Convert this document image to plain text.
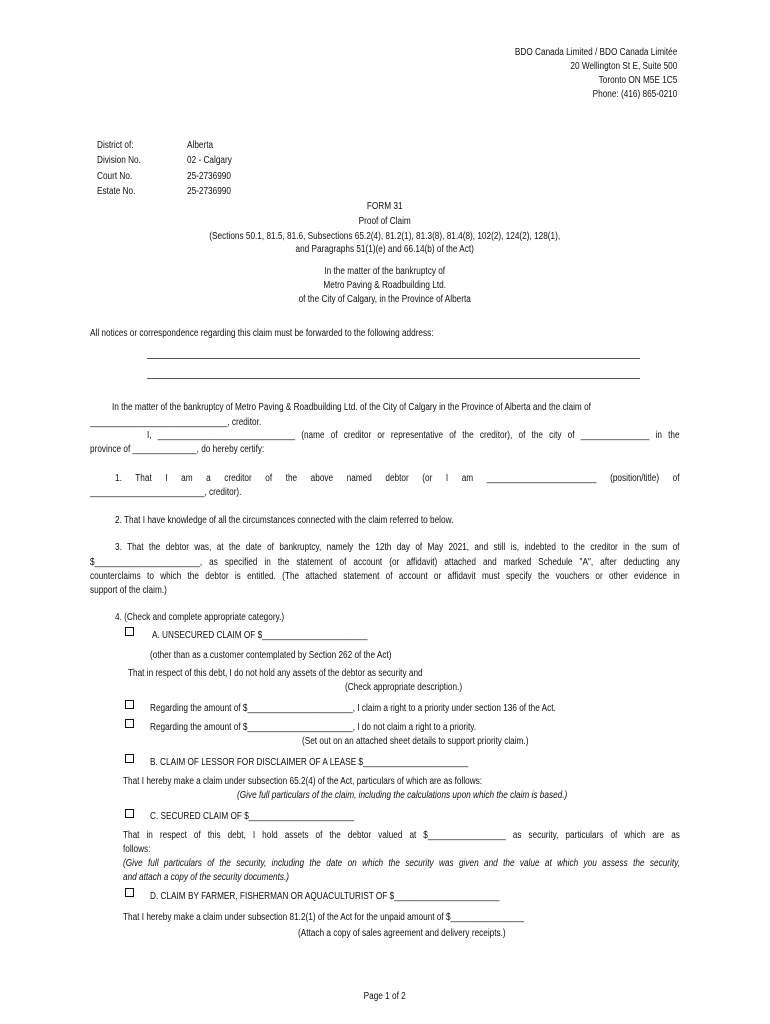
BDO Canada Limited / BDO Canada Limitée
20 Wellington St E, Suite 500
Toronto ON M5E 1C5
Phone: (416) 865-0210
District of:	Alberta
Division No.	02 - Calgary
Court No.	25-2736990
Estate No.	25-2736990
FORM 31
Proof of Claim
(Sections 50.1, 81.5, 81.6, Subsections 65.2(4), 81.2(1), 81.3(8), 81.4(8), 102(2), 124(2), 128(1),
and Paragraphs 51(1)(e) and 66.14(b) of the Act)
In the matter of the bankruptcy of
Metro Paving & Roadbuilding Ltd.
of the City of Calgary, in the Province of Alberta
All notices or correspondence regarding this claim must be forwarded to the following address:
In the matter of the bankruptcy of Metro Paving & Roadbuilding Ltd. of the City of Calgary in the Province of Alberta and the claim of
______________________________, creditor.
I, ______________________________ (name of creditor or representative of the creditor), of the city of _______________ in the
province of ______________, do hereby certify:
1. That I am a creditor of the above named debtor (or I am ________________________ (position/title) of
_________________________, creditor).
2. That I have knowledge of all the circumstances connected with the claim referred to below.
3. That the debtor was, at the date of bankruptcy, namely the 12th day of May 2021, and still is, indebted to the creditor in the sum of
$_______________________, as specified in the statement of account (or affidavit) attached and marked Schedule "A", after deducting any
counterclaims to which the debtor is entitled. (The attached statement of account or affidavit must specify the vouchers or other evidence in
support of the claim.)
4. (Check and complete appropriate category.)
A. UNSECURED CLAIM OF $_______________________
(other than as a customer contemplated by Section 262 of the Act)
That in respect of this debt, I do not hold any assets of the debtor as security and
(Check appropriate description.)
Regarding the amount of $_______________________, I claim a right to a priority under section 136 of the Act.
Regarding the amount of $_______________________, I do not claim a right to a priority.
(Set out on an attached sheet details to support priority claim.)
B. CLAIM OF LESSOR FOR DISCLAIMER OF A LEASE $_______________________
That I hereby make a claim under subsection 65.2(4) of the Act, particulars of which are as follows:
(Give full particulars of the claim, including the calculations upon which the claim is based.)
C. SECURED CLAIM OF $_______________________
That in respect of this debt, I hold assets of the debtor valued at $_________________ as security, particulars of which are as
follows:
(Give full particulars of the security, including the date on which the security was given and the value at which you assess the security,
and attach a copy of the security documents.)
D. CLAIM BY FARMER, FISHERMAN OR AQUACULTURIST OF $_______________________
That I hereby make a claim under subsection 81.2(1) of the Act for the unpaid amount of $________________
(Attach a copy of sales agreement and delivery receipts.)
Page 1 of 2
